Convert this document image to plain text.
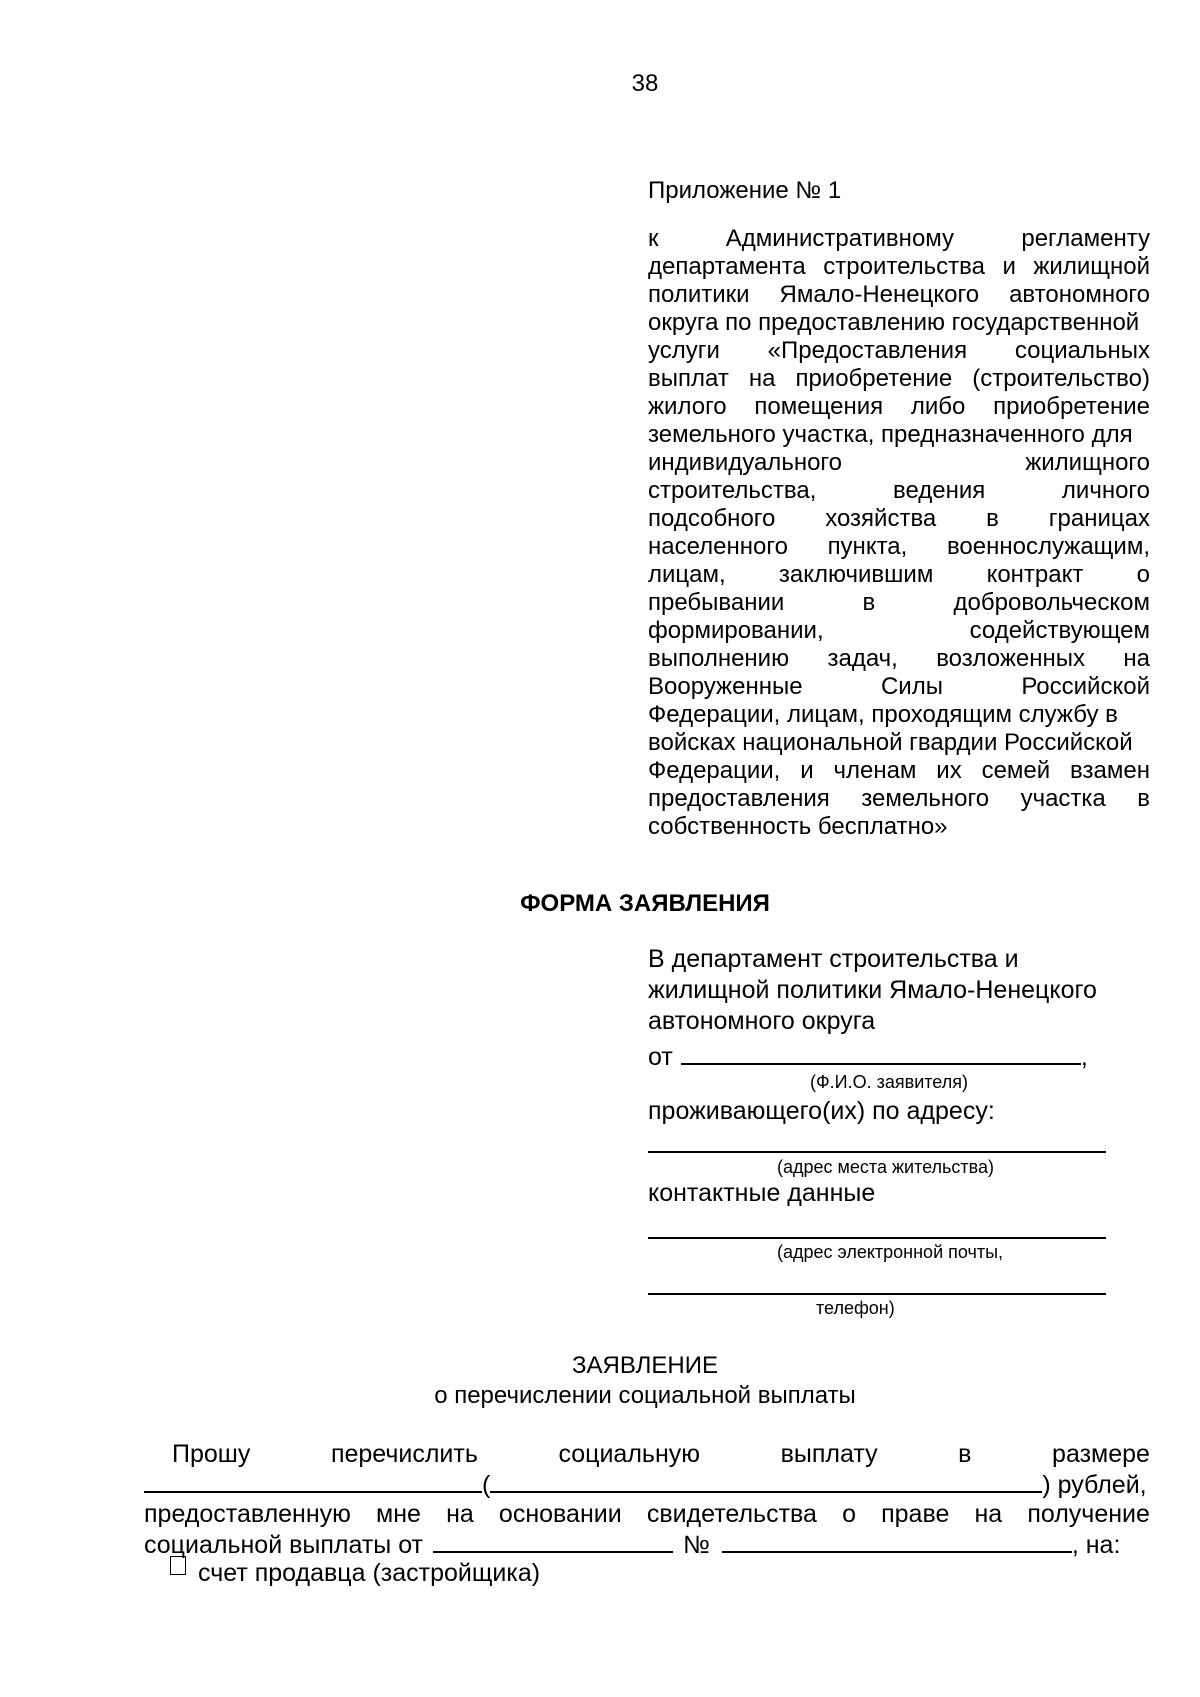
38
Приложение № 1
к	Административному	регламенту
департамента строительства и жилищной
политики Ямало-Ненецкого автономного
округа по предоставлению государственной
услуги «Предоставления социальных
выплат на приобретение (строительство)
жилого помещения либо приобретение
земельного участка, предназначенного для
индивидуального	жилищного
строительства,	ведения	личного
подсобного хозяйства в границах
населенного пункта, военнослужащим,
лицам, заключившим контракт о
пребывании	в	добровольческом
формировании,	содействующем
выполнению задач, возложенных на
Вооруженные	Силы	Российской
Федерации, лицам, проходящим службу в
войсках национальной гвардии Российской
Федерации, и членам их семей взамен
предоставления земельного участка в
собственность бесплатно»
ФОРМА ЗАЯВЛЕНИЯ
В департамент строительства и
жилищной политики Ямало-Ненецкого
автономного округа
от	,
(Ф.И.О. заявителя)
проживающего(их) по адресу:
(адрес места жительства)
контактные данные
(адрес электронной почты,
телефон)
ЗАЯВЛЕНИЕ
о перечислении социальной выплаты
Прошу	перечислить	социальную	выплату	в	размере
(	) рублей,
предоставленную мне на основании свидетельства о праве на получение
социальной выплаты от	№	, на:
счет продавца (застройщика)
